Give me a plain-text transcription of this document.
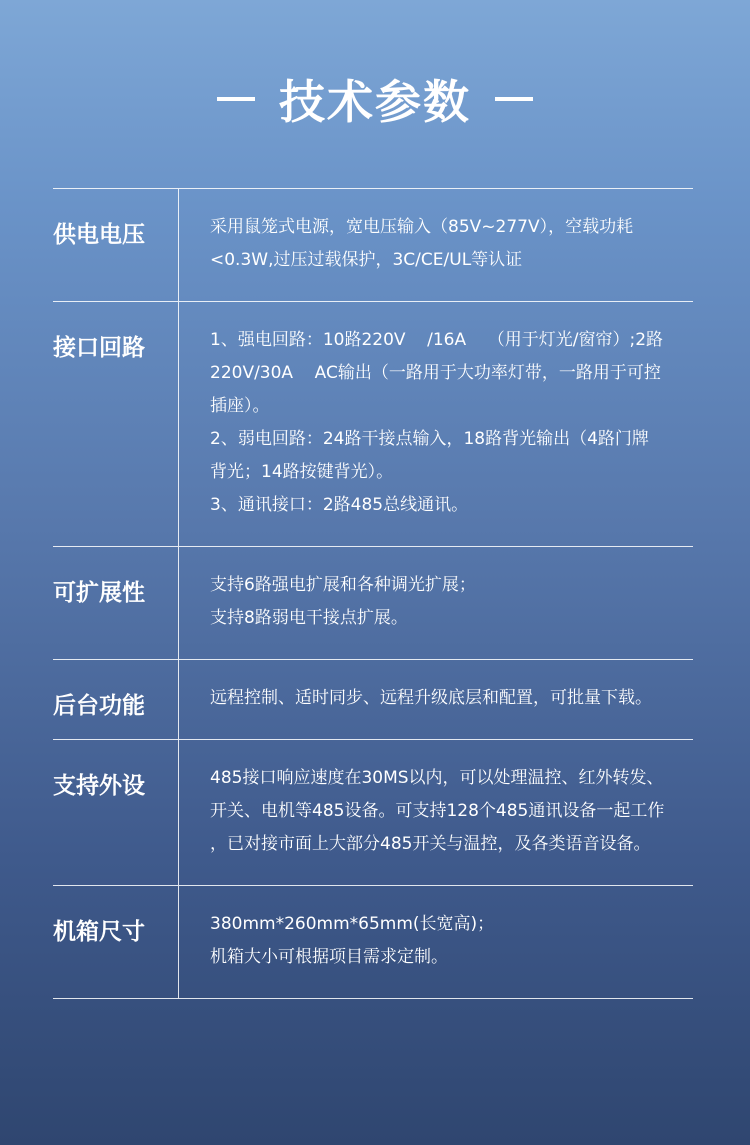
技术参数
供电电压	采用鼠笼式电源，宽电压输入（85V~277V），空载功耗

<0.3W,过压过载保护，3C/CE/UL等认证

接口回路	1、强电回路：10路220V    /16A    （用于灯光/窗帘）;2路

220V/30A    AC输出（一路用于大功率灯带，一路用于可控

插座）。

2、弱电回路：24路干接点输入，18路背光输出（4路门牌

背光；14路按键背光）。

3、通讯接口：2路485总线通讯。

可扩展性	支持6路强电扩展和各种调光扩展；

支持8路弱电干接点扩展。

后台功能	远程控制、适时同步、远程升级底层和配置，可批量下载。

支持外设	485接口响应速度在30MS以内，可以处理温控、红外转发、

开关、电机等485设备。可支持128个485通讯设备一起工作

，已对接市面上大部分485开关与温控，及各类语音设备。

机箱尺寸	380mm*260mm*65mm(长宽高)；

机箱大小可根据项目需求定制。
